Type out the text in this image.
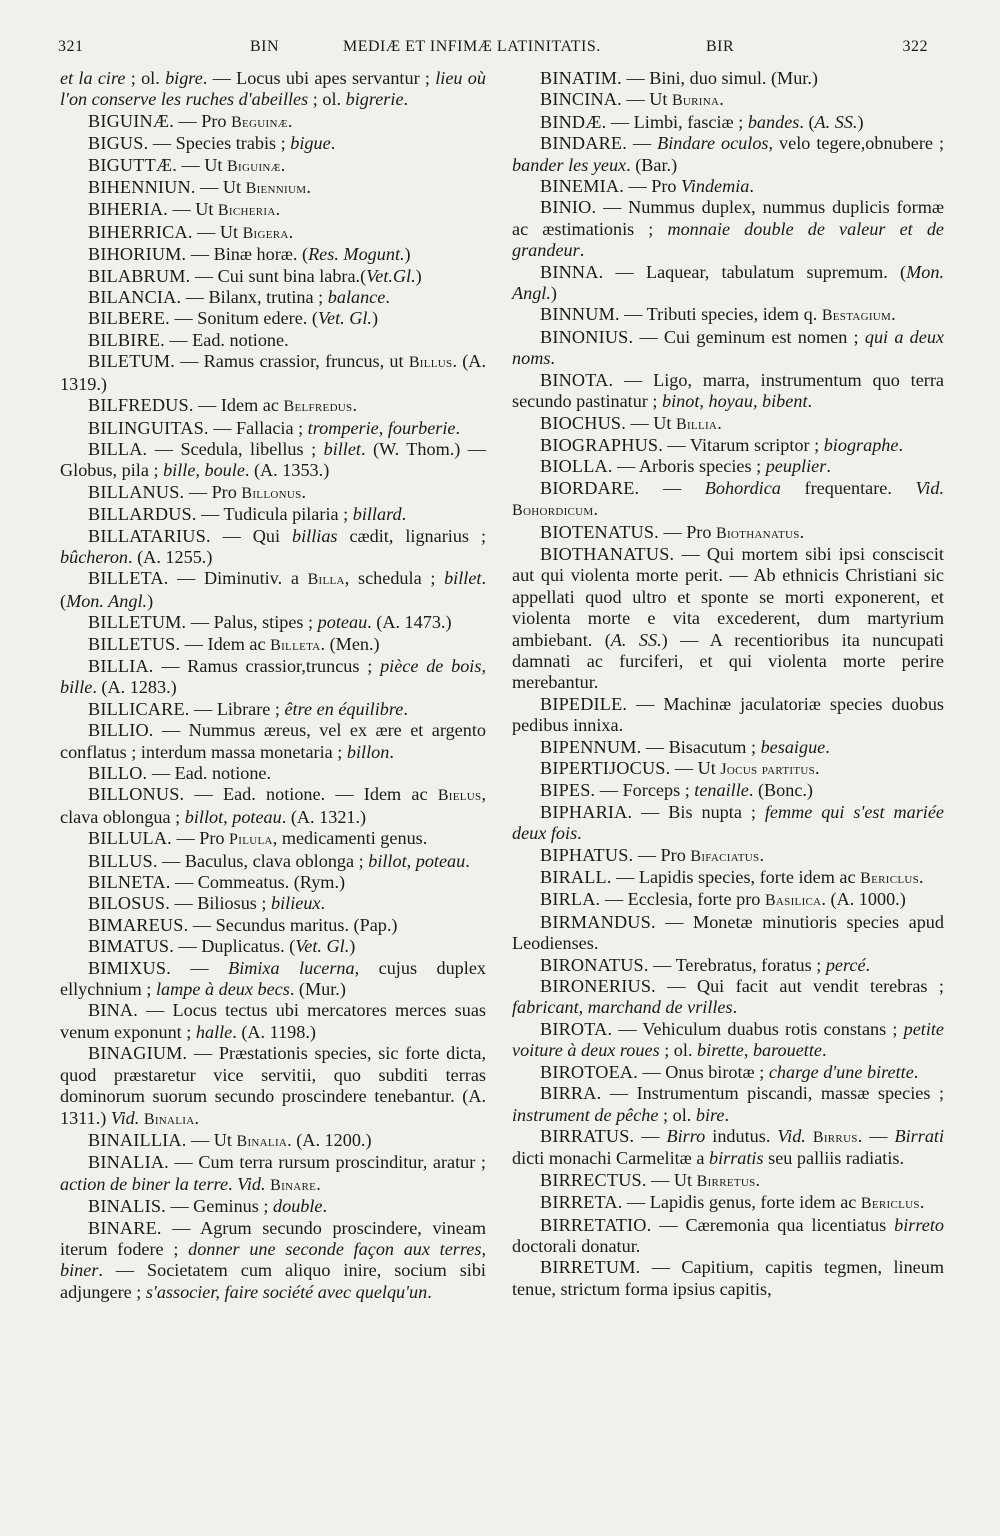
321	BIN	MEDIÆ ET INFIMÆ LATINITATIS.	BIR	322

et la cire ; ol. bigre. — Locus ubi apes servantur ; lieu où l'on conserve les ruches d'abeilles ; ol. bigrerie.

BIGUINÆ. — Pro Beguinæ.

BIGUS. — Species trabis ; bigue.

BIGUTTÆ. — Ut Biguinæ.

BIHENNIUN. — Ut Biennium.

BIHERIA. — Ut Bicheria.

BIHERRICA. — Ut Bigera.

BIHORIUM. — Binæ horæ. (Res. Mogunt.)

BILABRUM. — Cui sunt bina labra.(Vet.Gl.)

BILANCIA. — Bilanx, trutina ; balance.

BILBERE. — Sonitum edere. (Vet. Gl.)

BILBIRE. — Ead. notione.

BILETUM. — Ramus crassior, fruncus, ut Billus. (A. 1319.)

BILFREDUS. — Idem ac Belfredus.

BILINGUITAS. — Fallacia ; tromperie, fourberie.

BILLA. — Scedula, libellus ; billet. (W. Thom.) — Globus, pila ; bille, boule. (A. 1353.)

BILLANUS. — Pro Billonus.

BILLARDUS. — Tudicula pilaria ; billard.

BILLATARIUS. — Qui billias cædit, lignarius ; bûcheron. (A. 1255.)

BILLETA. — Diminutiv. a Billa, schedula ; billet. (Mon. Angl.)

BILLETUM. — Palus, stipes ; poteau. (A. 1473.)

BILLETUS. — Idem ac Billeta. (Men.)

BILLIA. — Ramus crassior,truncus ; pièce de bois, bille. (A. 1283.)

BILLICARE. — Librare ; être en équilibre.

BILLIO. — Nummus æreus, vel ex ære et argento conflatus ; interdum massa monetaria ; billon.

BILLO. — Ead. notione.

BILLONUS. — Ead. notione. — Idem ac Bielus, clava oblongua ; billot, poteau. (A. 1321.)

BILLULA. — Pro Pilula, medicamenti genus.

BILLUS. — Baculus, clava oblonga ; billot, poteau.

BILNETA. — Commeatus. (Rym.)

BILOSUS. — Biliosus ; bilieux.

BIMAREUS. — Secundus maritus. (Pap.)

BIMATUS. — Duplicatus. (Vet. Gl.)

BIMIXUS. — Bimixa lucerna, cujus duplex ellychnium ; lampe à deux becs. (Mur.)

BINA. — Locus tectus ubi mercatores merces suas venum exponunt ; halle. (A. 1198.)

BINAGIUM. — Præstationis species, sic forte dicta, quod præstaretur vice servitii, quo subditi terras dominorum suorum secundo proscindere tenebantur. (A. 1311.) Vid. Binalia.

BINAILLIA. — Ut Binalia. (A. 1200.)

BINALIA. — Cum terra rursum proscinditur, aratur ; action de biner la terre. Vid. Binare.

BINALIS. — Geminus ; double.

BINARE. — Agrum secundo proscindere, vineam iterum fodere ; donner une seconde façon aux terres, biner. — Societatem cum aliquo inire, socium sibi adjungere ; s'associer, faire société avec quelqu'un.

BINATIM. — Bini, duo simul. (Mur.)

BINCINA. — Ut Burina.

BINDÆ. — Limbi, fasciæ ; bandes. (A. SS.)

BINDARE. — Bindare oculos, velo tegere,obnubere ; bander les yeux. (Bar.)

BINEMIA. — Pro Vindemia.

BINIO. — Nummus duplex, nummus duplicis formæ ac æstimationis ; monnaie double de valeur et de grandeur.

BINNA. — Laquear, tabulatum supremum. (Mon. Angl.)

BINNUM. — Tributi species, idem q. Bestagium.

BINONIUS. — Cui geminum est nomen ; qui a deux noms.

BINOTA. — Ligo, marra, instrumentum quo terra secundo pastinatur ; binot, hoyau, bibent.

BIOCHUS. — Ut Billia.

BIOGRAPHUS. — Vitarum scriptor ; biographe.

BIOLLA. — Arboris species ; peuplier.

BIORDARE. — Bohordica frequentare. Vid. Bohordicum.

BIOTENATUS. — Pro Biothanatus.

BIOTHANATUS. — Qui mortem sibi ipsi consciscit aut qui violenta morte perit. — Ab ethnicis Christiani sic appellati quod ultro et sponte se morti exponerent, et violenta morte e vita excederent, dum martyrium ambiebant. (A. SS.) — A recentioribus ita nuncupati damnati ac furciferi, et qui violenta morte perire merebantur.

BIPEDILE. — Machinæ jaculatoriæ species duobus pedibus innixa.

BIPENNUM. — Bisacutum ; besaigue.

BIPERTIJOCUS. — Ut Jocus partitus.

BIPES. — Forceps ; tenaille. (Bonc.)

BIPHARIA. — Bis nupta ; femme qui s'est mariée deux fois.

BIPHATUS. — Pro Bifaciatus.

BIRALL. — Lapidis species, forte idem ac Bericlus.

BIRLA. — Ecclesia, forte pro Basilica. (A. 1000.)

BIRMANDUS. — Monetæ minutioris species apud Leodienses.

BIRONATUS. — Terebratus, foratus ; percé.

BIRONERIUS. — Qui facit aut vendit terebras ; fabricant, marchand de vrilles.

BIROTA. — Vehiculum duabus rotis constans ; petite voiture à deux roues ; ol. birette, barouette.

BIROTOEA. — Onus birotæ ; charge d'une birette.

BIRRA. — Instrumentum piscandi, massæ species ; instrument de pêche ; ol. bire.

BIRRATUS. — Birro indutus. Vid. Birrus. — Birrati dicti monachi Carmelitæ a birratis seu palliis radiatis.

BIRRECTUS. — Ut Birretus.

BIRRETA. — Lapidis genus, forte idem ac Bericlus.

BIRRETATIO. — Cæremonia qua licentiatus birreto doctorali donatur.

BIRRETUM. — Capitium, capitis tegmen, lineum tenue, strictum forma ipsius capitis,
